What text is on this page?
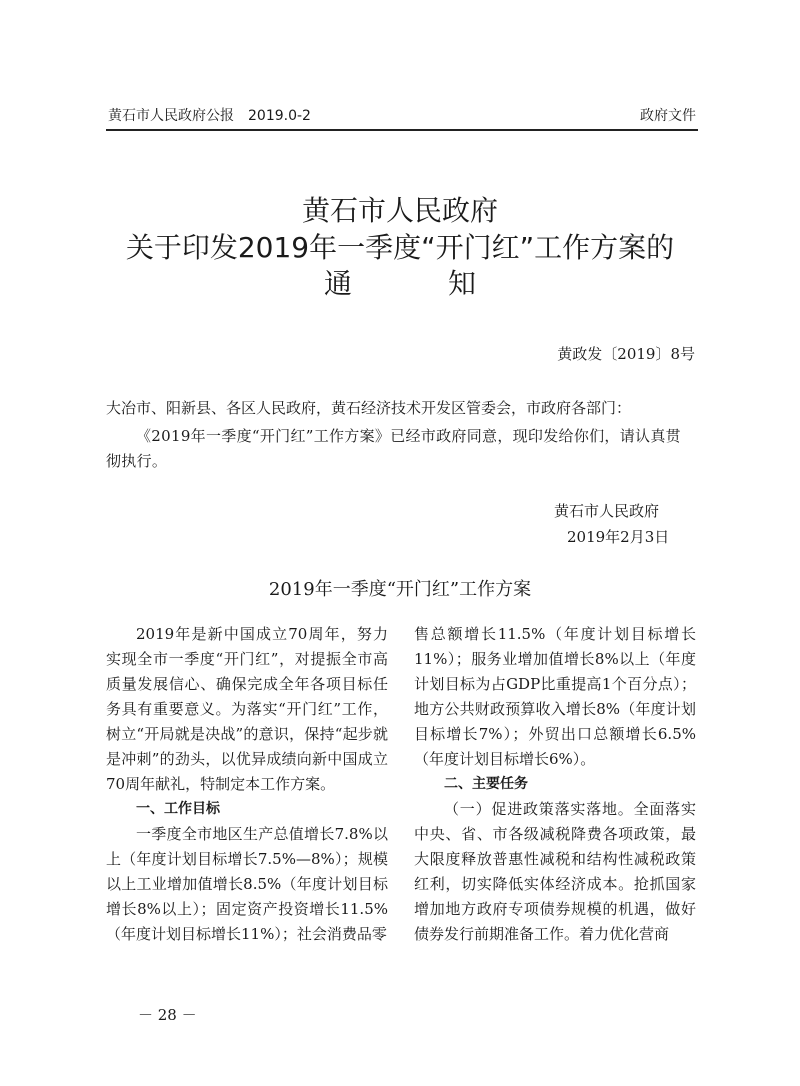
黄石市人民政府公报　2019.0-2	政府文件
黄石市人民政府
关于印发2019年一季度“开门红”工作方案的
通	知
黄政发〔2019〕8号
大冶市、阳新县、各区人民政府，黄石经济技术开发区管委会，市政府各部门：
《2019年一季度“开门红”工作方案》已经市政府同意，现印发给你们，请认真贯彻执行。
黄石市人民政府
2019年2月3日
2019年一季度“开门红”工作方案

2019年是新中国成立70周年，努力实现全市一季度“开门红”，对提振全市高质量发展信心、确保完成全年各项目标任务具有重要意义。为落实“开门红”工作，树立“开局就是决战”的意识，保持“起步就是冲刺”的劲头，以优异成绩向新中国成立70周年献礼，特制定本工作方案。

一、工作目标

一季度全市地区生产总值增长7.8%以上（年度计划目标增长7.5%—8%）；规模以上工业增加值增长8.5%（年度计划目标增长8%以上）；固定资产投资增长11.5%（年度计划目标增长11%）；社会消费品零

售总额增长11.5%（年度计划目标增长11%）；服务业增加值增长8%以上（年度计划目标为占GDP比重提高1个百分点）；地方公共财政预算收入增长8%（年度计划目标增长7%）；外贸出口总额增长6.5%（年度计划目标增长6%）。

二、主要任务

（一）促进政策落实落地。全面落实中央、省、市各级减税降费各项政策，最大限度释放普惠性减税和结构性减税政策红利，切实降低实体经济成本。抢抓国家增加地方政府专项债券规模的机遇，做好债券发行前期准备工作。着力优化营商

－ 28 －
